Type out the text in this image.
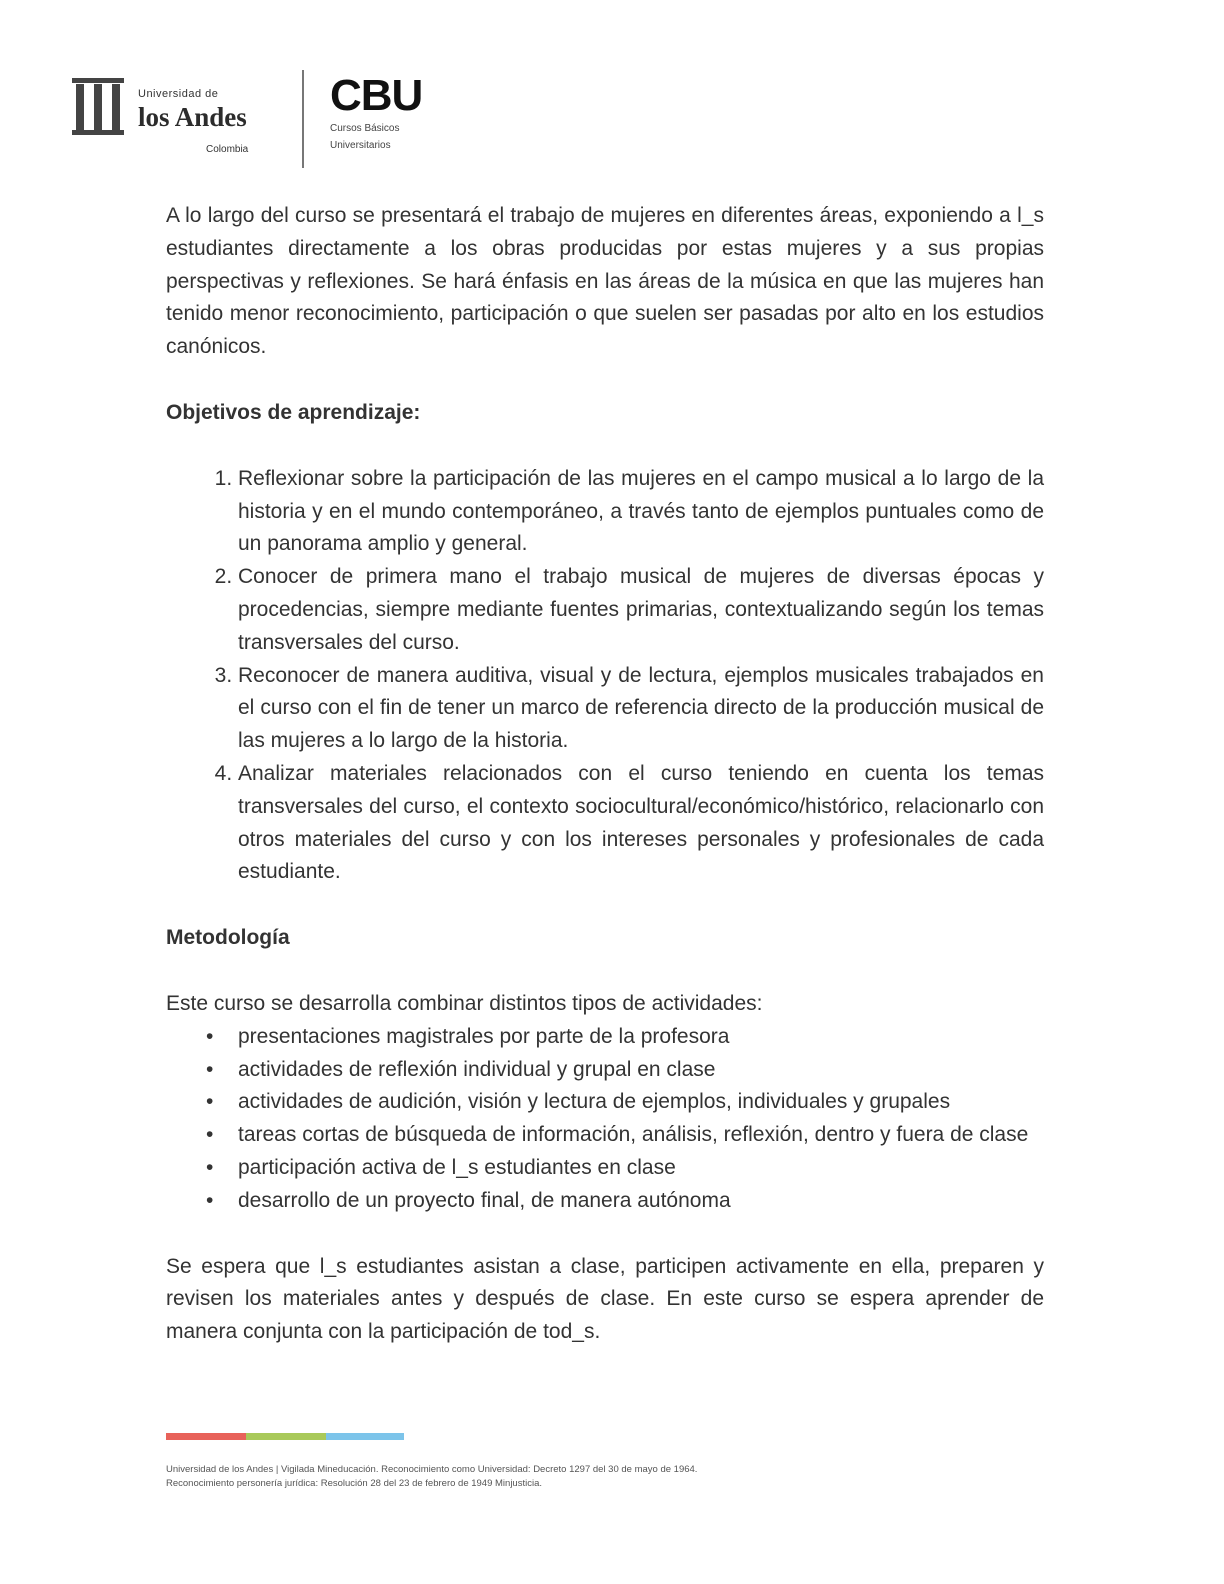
Universidad de
los Andes
Colombia
CBU
Cursos Básicos
Universitarios

A lo largo del curso se presentará el trabajo de mujeres en diferentes áreas, exponiendo a l_s estudiantes directamente a los obras producidas por estas mujeres y a sus propias perspectivas y reflexiones. Se hará énfasis en las áreas de la música en que las mujeres han tenido menor reconocimiento, participación o que suelen ser pasadas por alto en los estudios canónicos.

Objetivos de aprendizaje:

1. Reflexionar sobre la participación de las mujeres en el campo musical a lo largo de la historia y en el mundo contemporáneo, a través tanto de ejemplos puntuales como de un panorama amplio y general.
2. Conocer de primera mano el trabajo musical de mujeres de diversas épocas y procedencias, siempre mediante fuentes primarias, contextualizando según los temas transversales del curso.
3. Reconocer de manera auditiva, visual y de lectura, ejemplos musicales trabajados en el curso con el fin de tener un marco de referencia directo de la producción musical de las mujeres a lo largo de la historia.
4. Analizar materiales relacionados con el curso teniendo en cuenta los temas transversales del curso, el contexto sociocultural/económico/histórico, relacionarlo con otros materiales del curso y con los intereses personales y profesionales de cada estudiante.

Metodología

Este curso se desarrolla combinar distintos tipos de actividades:

• presentaciones magistrales por parte de la profesora
• actividades de reflexión individual y grupal en clase
• actividades de audición, visión y lectura de ejemplos, individuales y grupales
• tareas cortas de búsqueda de información, análisis, reflexión, dentro y fuera de clase
• participación activa de l_s estudiantes en clase
• desarrollo de un proyecto final, de manera autónoma

Se espera que l_s estudiantes asistan a clase, participen activamente en ella, preparen y revisen los materiales antes y después de clase. En este curso se espera aprender de manera conjunta con la participación de tod_s.

Universidad de los Andes | Vigilada Mineducación. Reconocimiento como Universidad: Decreto 1297 del 30 de mayo de 1964.
Reconocimiento personería jurídica: Resolución 28 del 23 de febrero de 1949 Minjusticia.
